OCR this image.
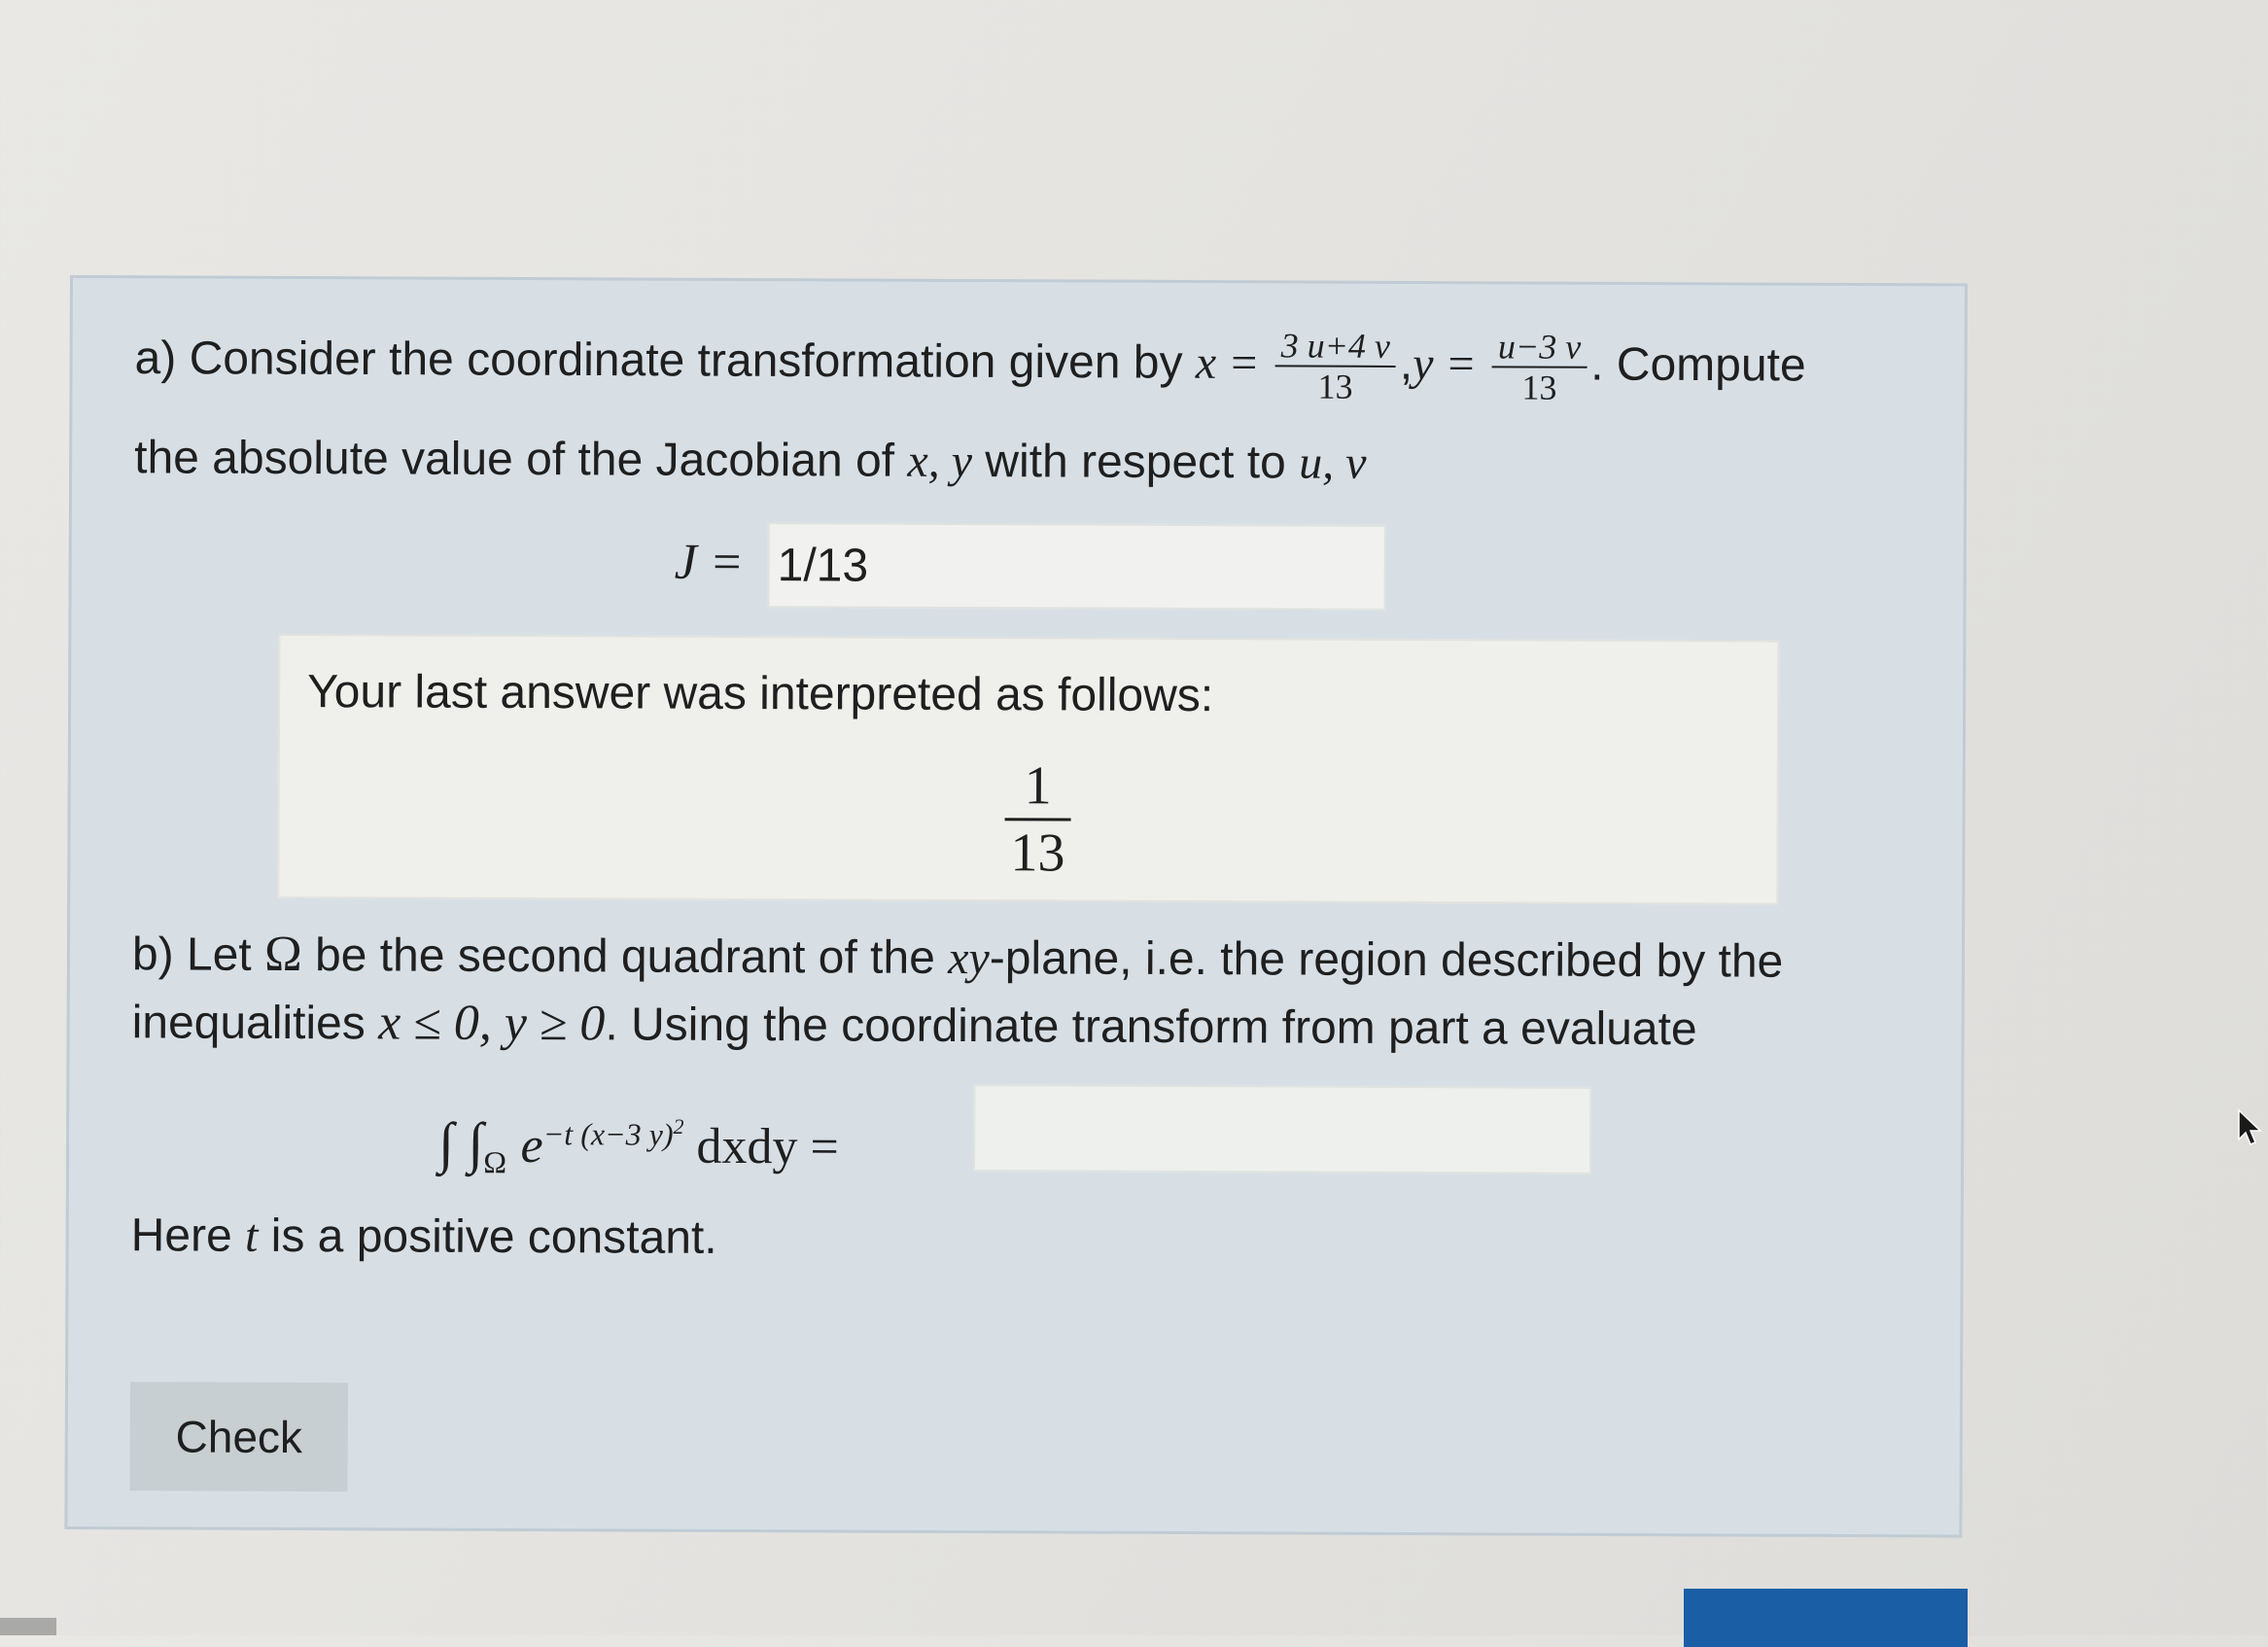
a) Consider the coordinate transformation given by $x = \frac{3 u+4 v}{13} ,y = \frac{u-3 v}{13}$ . Compute
the absolute value of the Jacobian of x, y with respect to u, v
J =
1/13
Your last answer was interpreted as follows:
$\frac{1}{13}$
b) Let Ω be the second quadrant of the xy-plane, i.e. the region described by the
inequalities x ≤ 0, y ≥ 0. Using the coordinate transform from part a evaluate
∫ $\int_\Omega$ $e^{-t (x-3 y)^2}$ dxdy =
Here t is a positive constant.
Check
